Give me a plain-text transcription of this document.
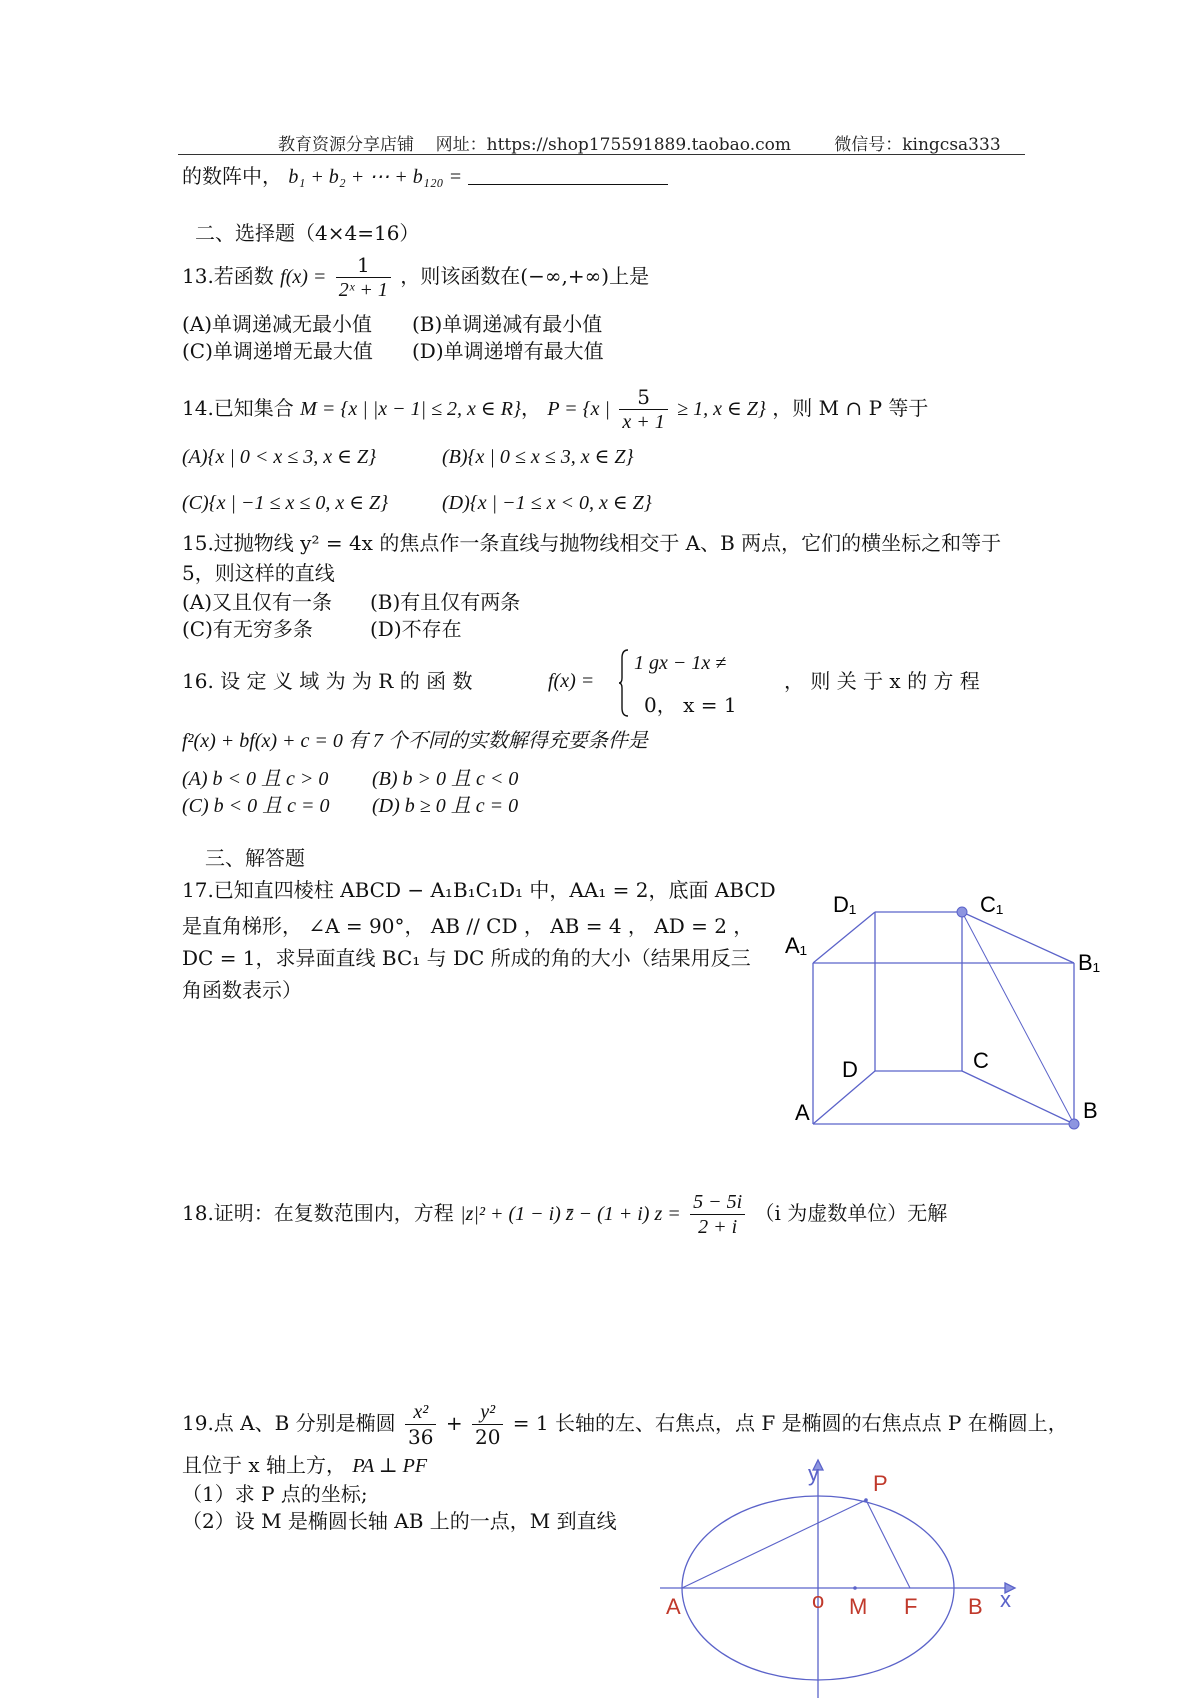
教育资源分享店铺 网址：https://shop175591889.taobao.com	微信号：kingcsa333
的数阵中， b₁ + b₂ + ⋯ + b₁₂₀ =
二、选择题（4×4=16）
13.若函数 $f(x) = \frac{1}{\text{2ˣ + 1}}$ ，则该函数在(−∞,+∞)上是
(A)单调递减无最小值 (B)单调递减有最小值
(C)单调递增无最大值 (D)单调递增有最大值
14.已知集合 M = {x | |x − 1| ≤ 2, x ∈ R}， P = {x | $\frac{5}{x + 1} \ge 1$, x ∈ Z} ，则 M ∩ P 等于
(A){x | 0 < x ≤ 3, x ∈ Z}	(B){x | 0 ≤ x ≤ 3, x ∈ Z}
(C){x | −1 ≤ x ≤ 0, x ∈ Z}	(D){x | −1 ≤ x < 0, x ∈ Z}
15.过抛物线 y² = 4x 的焦点作一条直线与抛物线相交于 A、B 两点，它们的横坐标之和等于
5，则这样的直线
(A)又且仅有一条 (B)有且仅有两条
(C)有无穷多条	(D)不存在
16. 设 定 义 域 为 为 R 的 函 数	f(x) =
1 gx − 1x ≠
0， x = 1
， 则 关 于 x 的 方 程
f²(x) + bf(x) + c = 0 有 7 个不同的实数解得充要条件是
(A) b < 0 且 c > 0 (B) b > 0 且 c < 0
(C) b < 0 且 c = 0 (D) b ≥ 0 且 c = 0
三、解答题
17.已知直四棱柱 ABCD − A₁B₁C₁D₁ 中，AA₁ = 2，底面 ABCD
是直角梯形， ∠A = 90°， AB // CD ， AB = 4 ， AD = 2 ，
DC = 1，求异面直线 BC₁ 与 DC 所成的角的大小（结果用反三
角函数表示）
D₁	C₁
A₁
B₁
D	C
A	B
18.证明：在复数范围内，方程 |z|² + (1 − i) z̄ − (1 + i) $z = \frac{5 - 5i}{2 + i} (i$ 为虚数单位）无解
19.点 A、B 分别是椭圆 $\frac{\text{x²}}{36} + \frac{\text{y²}}{20} = 1$ 长轴的左、右焦点，点 F 是椭圆的右焦点点 P 在椭圆上，
且位于 x 轴上方， PA ⊥ PF
（1）求 P 点的坐标;
（2）设 M 是椭圆长轴 AB 上的一点，M 到直线
y P
A	o M F B x
